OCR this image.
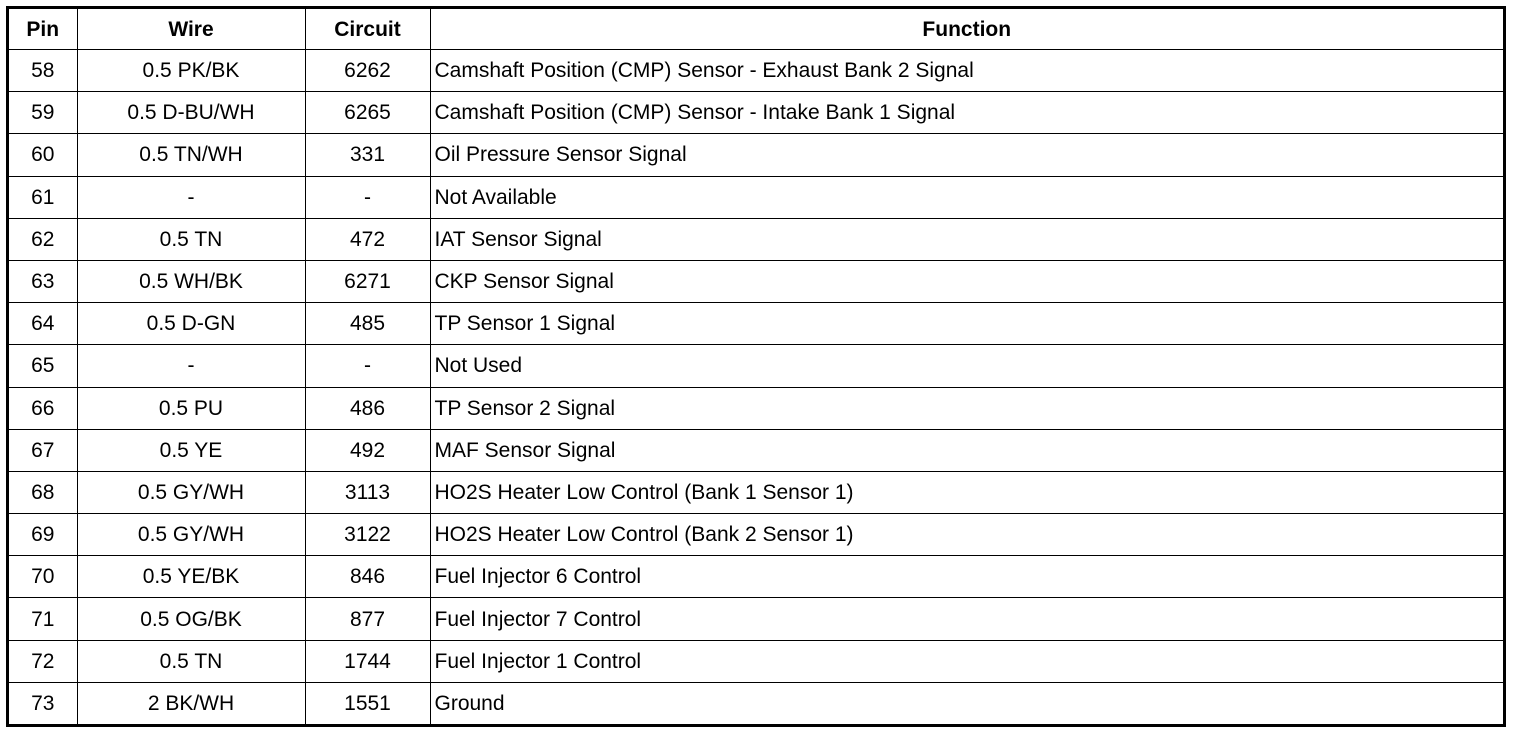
Pin	Wire	Circuit	Function
58	0.5 PK/BK	6262	Camshaft Position (CMP) Sensor - Exhaust Bank 2 Signal
59	0.5 D-BU/WH	6265	Camshaft Position (CMP) Sensor - Intake Bank 1 Signal
60	0.5 TN/WH	331	Oil Pressure Sensor Signal
61	-	-	Not Available
62	0.5 TN	472	IAT Sensor Signal
63	0.5 WH/BK	6271	CKP Sensor Signal
64	0.5 D-GN	485	TP Sensor 1 Signal
65	-	-	Not Used
66	0.5 PU	486	TP Sensor 2 Signal
67	0.5 YE	492	MAF Sensor Signal
68	0.5 GY/WH	3113	HO2S Heater Low Control (Bank 1 Sensor 1)
69	0.5 GY/WH	3122	HO2S Heater Low Control (Bank 2 Sensor 1)
70	0.5 YE/BK	846	Fuel Injector 6 Control
71	0.5 OG/BK	877	Fuel Injector 7 Control
72	0.5 TN	1744	Fuel Injector 1 Control
73	2 BK/WH	1551	Ground
